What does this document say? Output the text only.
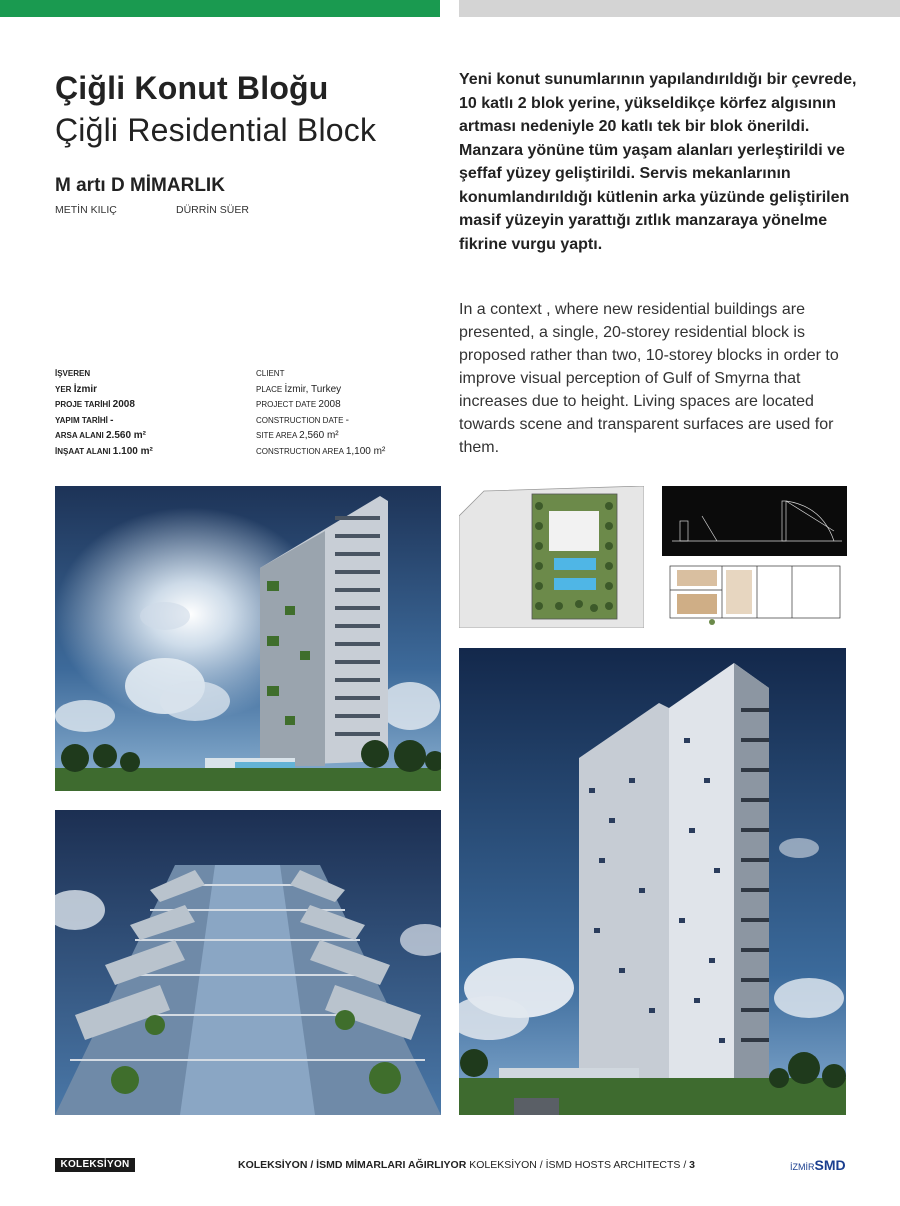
Çiğli Konut Bloğu
Çiğli Residential Block
M artı D MİMARLIK
METİN KILIÇ	DÜRRİN SÜER
Yeni konut sunumlarının yapılandırıldığı bir çevrede, 10 katlı 2 blok yerine, yükseldikçe körfez algısının artması nedeniyle 20 katlı tek bir blok önerildi. Manzara yönüne tüm yaşam alanları yerleştirildi ve şeffaf yüzey geliştirildi. Servis mekanlarının konumlandırıldığı kütlenin arka yüzünde geliştirilen masif yüzeyin yarattığı zıtlık manzaraya yönelme fikrine vurgu yaptı.
In a context , where new residential buildings are presented, a single, 20-storey residential block is proposed rather than two, 10-storey blocks in order to improve visual perception of Gulf of Smyrna that increases due to height. Living spaces are located towards scene and transparent surfaces are used for them.
İŞVEREN
YER İzmir
PROJE TARİHİ 2008
YAPIM TARİHİ -
ARSA ALANI 2.560 m²
İNŞAAT ALANI 1.100 m²
CLIENT
PLACE İzmir, Turkey
PROJECT DATE 2008
CONSTRUCTION DATE -
SITE AREA 2,560 m²
CONSTRUCTION AREA 1,100 m²
KOLEKSİYON	KOLEKSİYON / İSMD MİMARLARI AĞIRLIYOR KOLEKSİYON / İSMD HOSTS ARCHITECTS / 3	İZMİRSMD
